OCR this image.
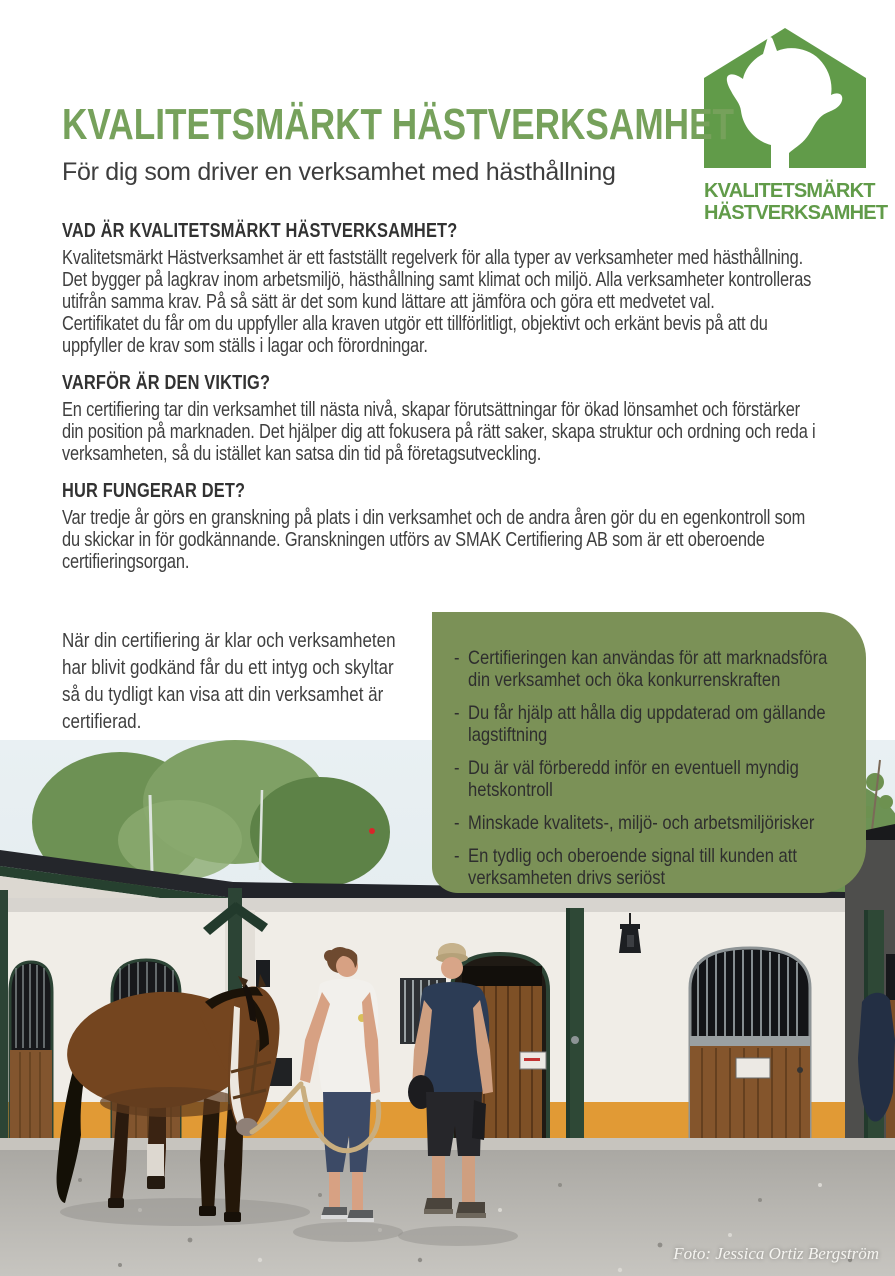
KVALITETSMÄRKT
HÄSTVERKSAMHET
KVALITETSMÄRKT HÄSTVERKSAMHET
För dig som driver en verksamhet med hästhållning
VAD ÄR KVALITETSMÄRKT HÄSTVERKSAMHET?

Kvalitetsmärkt Hästverksamhet är ett fastställt regelverk för alla typer av verksamheter med hästhållning. Det bygger på lagkrav inom arbetsmiljö, hästhållning samt klimat och miljö. Alla verksamheter kontrolleras utifrån samma krav. På så sätt är det som kund lättare att jämföra och göra ett medvetet val.

Certifikatet du får om du uppfyller alla kraven utgör ett tillförlitligt, objektivt och erkänt bevis på att du uppfyller de krav som ställs i lagar och förordningar.

VARFÖR ÄR DEN VIKTIG?

En certifiering tar din verksamhet till nästa nivå, skapar förutsättningar för ökad lönsamhet och förstärker din position på marknaden. Det hjälper dig att fokusera på rätt saker, skapa struktur och ordning och reda i verksamheten, så du istället kan satsa din tid på företagsutveckling.

HUR FUNGERAR DET?

Var tredje år görs en granskning på plats i din verksamhet och de andra åren gör du en egenkontroll som du skickar in för godkännande. Granskningen utförs av SMAK Certifiering AB som är ett oberoende certifieringsorgan.

När din certifiering är klar och verksamheten har blivit godkänd får du ett intyg och skyltar så du tydligt kan visa att din verksamhet är certifierad.
Foto: Jessica Ortiz Bergström
- Certifieringen kan användas för att marknadsföra din verksamhet och öka konkurrenskraften
- Du får hjälp att hålla dig uppdaterad om gällande lagstiftning
- Du är väl förberedd inför en eventuell myndig hetskontroll
- Minskade kvalitets-, miljö- och arbetsmiljörisker
- En tydlig och oberoende signal till kunden att verksamheten drivs seriöst
